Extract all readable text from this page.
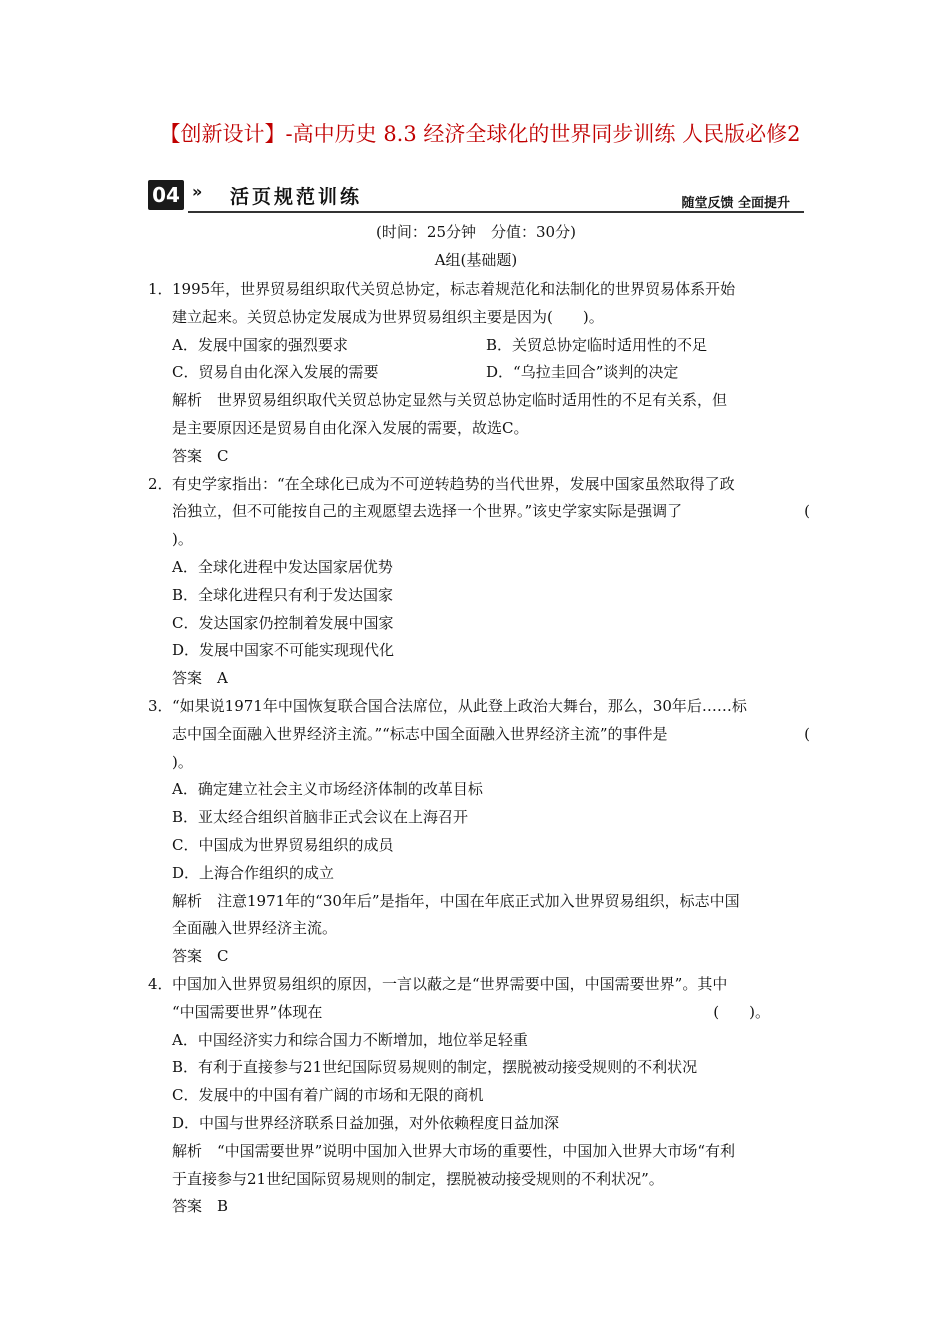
【创新设计】-高中历史 8.3 经济全球化的世界同步训练 人民版必修2
04 » 活页规范训练	随堂反馈 全面提升
(时间：25分钟　分值：30分)
A组(基础题)
1． 1995年，世界贸易组织取代关贸总协定，标志着规范化和法制化的世界贸易体系开始
建立起来。关贸总协定发展成为世界贸易组织主要是因为(　　)。
A．发展中国家的强烈要求	B．关贸总协定临时适用性的不足
C．贸易自由化深入发展的需要	D．“乌拉圭回合”谈判的决定
解析　世界贸易组织取代关贸总协定显然与关贸总协定临时适用性的不足有关系，但
是主要原因还是贸易自由化深入发展的需要，故选C。
答案　C
2． 有史学家指出：“在全球化已成为不可逆转趋势的当代世界，发展中国家虽然取得了政
治独立，但不可能按自己的主观愿望去选择一个世界。”该史学家实际是强调了	(
)。
A．全球化进程中发达国家居优势
B．全球化进程只有利于发达国家
C．发达国家仍控制着发展中国家
D．发展中国家不可能实现现代化
答案　A
3． “如果说1971年中国恢复联合国合法席位，从此登上政治大舞台，那么，30年后……标
志中国全面融入世界经济主流。”“标志中国全面融入世界经济主流”的事件是	(
)。
A．确定建立社会主义市场经济体制的改革目标
B．亚太经合组织首脑非正式会议在上海召开
C．中国成为世界贸易组织的成员
D．上海合作组织的成立
解析　注意1971年的“30年后”是指年，中国在年底正式加入世界贸易组织，标志中国
全面融入世界经济主流。
答案　C
4． 中国加入世界贸易组织的原因，一言以蔽之是“世界需要中国，中国需要世界”。其中
“中国需要世界”体现在	(　　)。
A．中国经济实力和综合国力不断增加，地位举足轻重
B．有利于直接参与21世纪国际贸易规则的制定，摆脱被动接受规则的不利状况
C．发展中的中国有着广阔的市场和无限的商机
D．中国与世界经济联系日益加强，对外依赖程度日益加深
解析　“中国需要世界”说明中国加入世界大市场的重要性，中国加入世界大市场“有利
于直接参与21世纪国际贸易规则的制定，摆脱被动接受规则的不利状况”。
答案　B
